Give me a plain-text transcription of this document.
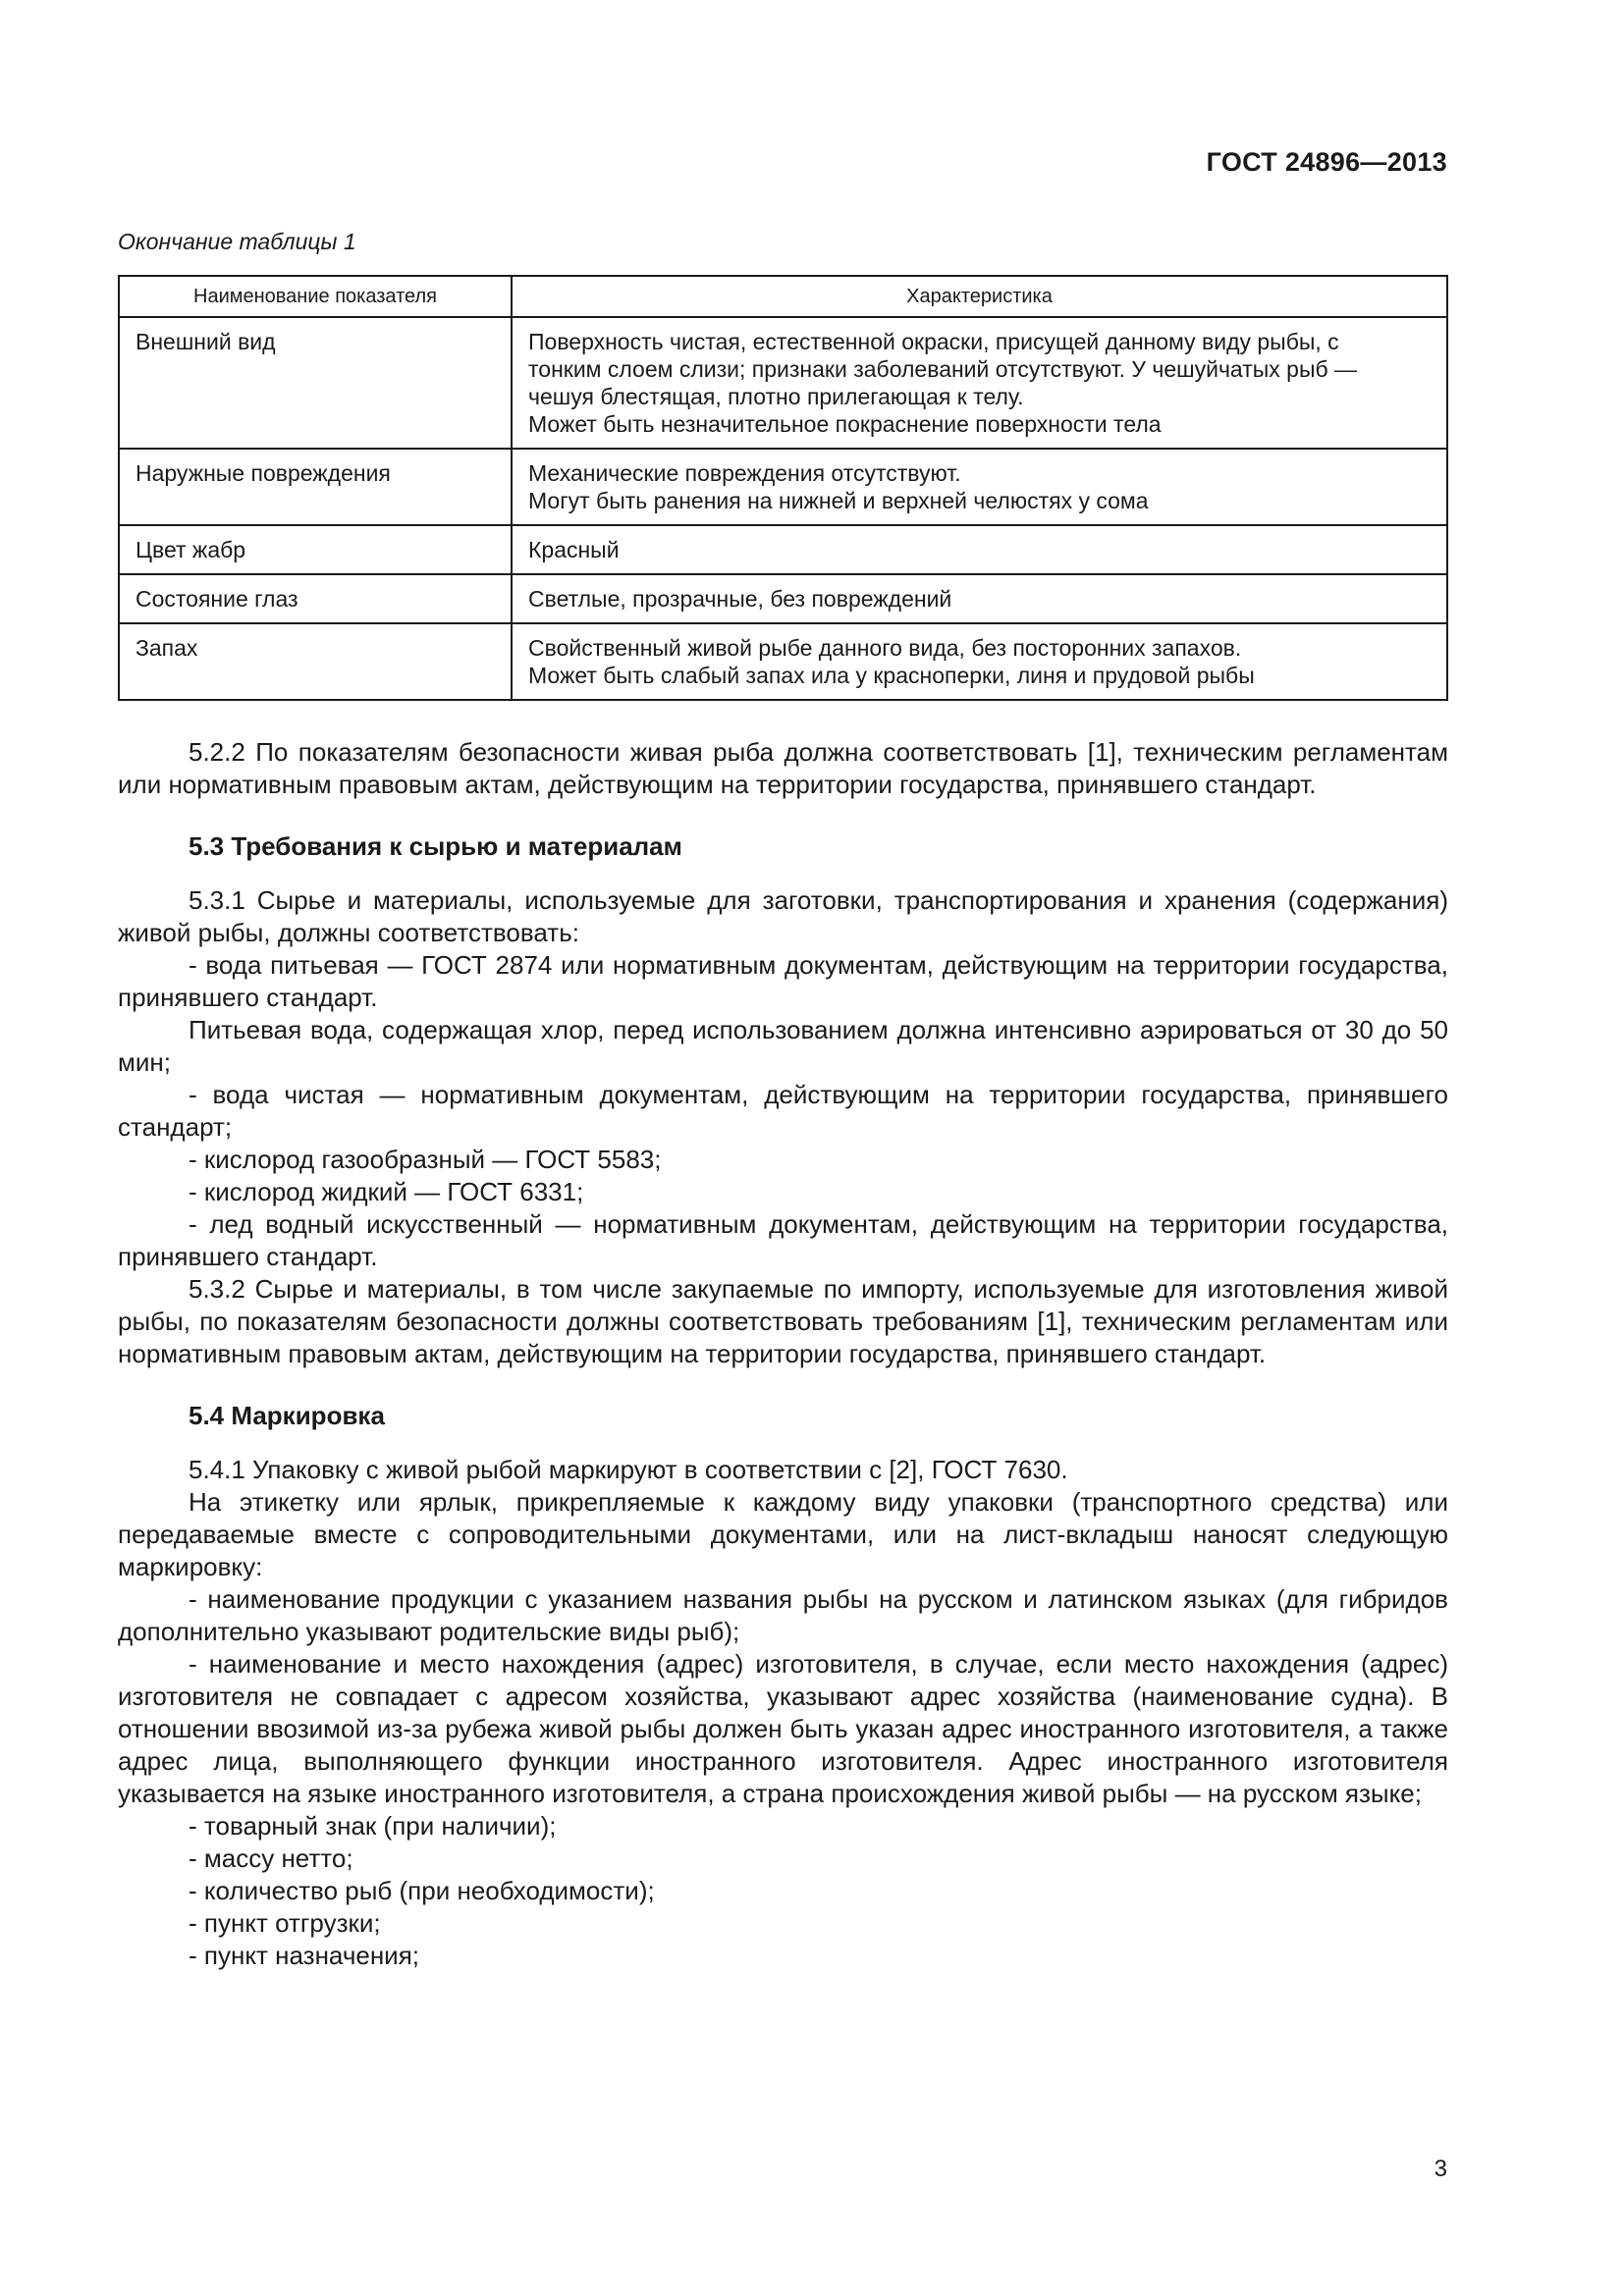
ГОСТ 24896—2013
Окончание таблицы 1
Наименование показателя	Характеристика
Внешний вид	Поверхность чистая, естественной окраски, присущей данному виду рыбы, с
тонким слоем слизи; признаки заболеваний отсутствуют. У чешуйчатых рыб —
чешуя блестящая, плотно прилегающая к телу.
Может быть незначительное покраснение поверхности тела

Наружные повреждения	Механические повреждения отсутствуют.
Могут быть ранения на нижней и верхней челюстях у сома

Цвет жабр	Красный

Состояние глаз	Светлые, прозрачные, без повреждений

Запах	Свойственный живой рыбе данного вида, без посторонних запахов.
Может быть слабый запах ила у красноперки, линя и прудовой рыбы

5.2.2 По показателям безопасности живая рыба должна соответствовать [1], техническим регламентам или нормативным правовым актам, действующим на территории государства, принявшего стандарт.

5.3 Требования к сырью и материалам

5.3.1 Сырье и материалы, используемые для заготовки, транспортирования и хранения (содержания) живой рыбы, должны соответствовать:

- вода питьевая — ГОСТ 2874 или нормативным документам, действующим на территории государства, принявшего стандарт.

Питьевая вода, содержащая хлор, перед использованием должна интенсивно аэрироваться от 30 до 50 мин;

- вода чистая — нормативным документам, действующим на территории государства, принявшего стандарт;

- кислород газообразный — ГОСТ 5583;

- кислород жидкий — ГОСТ 6331;

- лед водный искусственный — нормативным документам, действующим на территории государства, принявшего стандарт.

5.3.2 Сырье и материалы, в том числе закупаемые по импорту, используемые для изготовления живой рыбы, по показателям безопасности должны соответствовать требованиям [1], техническим регламентам или нормативным правовым актам, действующим на территории государства, принявшего стандарт.

5.4 Маркировка

5.4.1 Упаковку с живой рыбой маркируют в соответствии с [2], ГОСТ 7630.

На этикетку или ярлык, прикрепляемые к каждому виду упаковки (транспортного средства) или передаваемые вместе с сопроводительными документами, или на лист-вкладыш наносят следующую маркировку:

- наименование продукции с указанием названия рыбы на русском и латинском языках (для гибридов дополнительно указывают родительские виды рыб);

- наименование и место нахождения (адрес) изготовителя, в случае, если место нахождения (адрес) изготовителя не совпадает с адресом хозяйства, указывают адрес хозяйства (наименование судна). В отношении ввозимой из-за рубежа живой рыбы должен быть указан адрес иностранного изготовителя, а также адрес лица, выполняющего функции иностранного изготовителя. Адрес иностранного изготовителя указывается на языке иностранного изготовителя, а страна происхождения живой рыбы — на русском языке;

- товарный знак (при наличии);

- массу нетто;

- количество рыб (при необходимости);

- пункт отгрузки;

- пункт назначения;

3
